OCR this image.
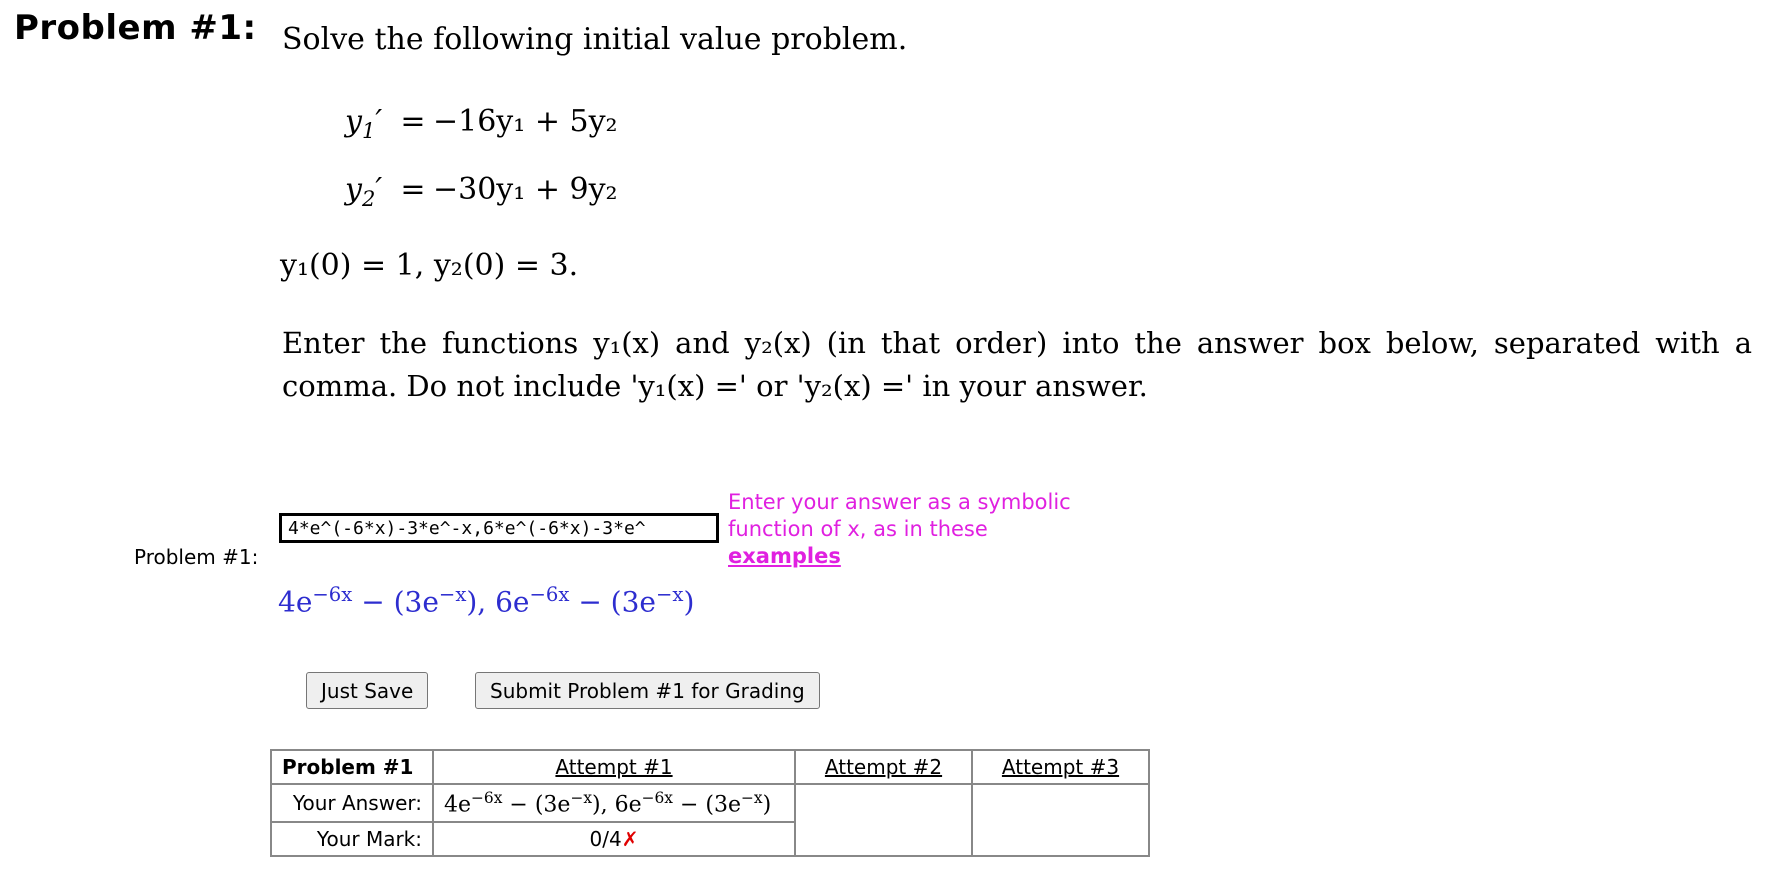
Problem #1: Solve the following initial value problem.
$y_1' = -16y_1 + 5y_2$
$y_2' = -30y_1 + 9y_2$
y₁(0) = 1, y₂(0) = 3.
Enter the functions y₁(x) and y₂(x) (in that order) into the answer box below, separated with a comma. Do not include 'y₁(x) =' or 'y₂(x) =' in your answer.
Problem #1:
4*e^(-6*x)-3*e^-x,6*e^(-6*x)-3*e^
Enter your answer as a symbolic function of x, as in these
examples
$4e^{-6x} - (3e^{-x})$, $6e^{-6x} - (3e^{-x})$
Just Save	Submit Problem #1 for Grading
Problem #1	Attempt #1	Attempt #2	Attempt #3
Your Answer:	$4e^{-6x} - (3e^{-x})$, $6e^{-6x} - (3e^{-x})$		
Your Mark:	0/4✗		
